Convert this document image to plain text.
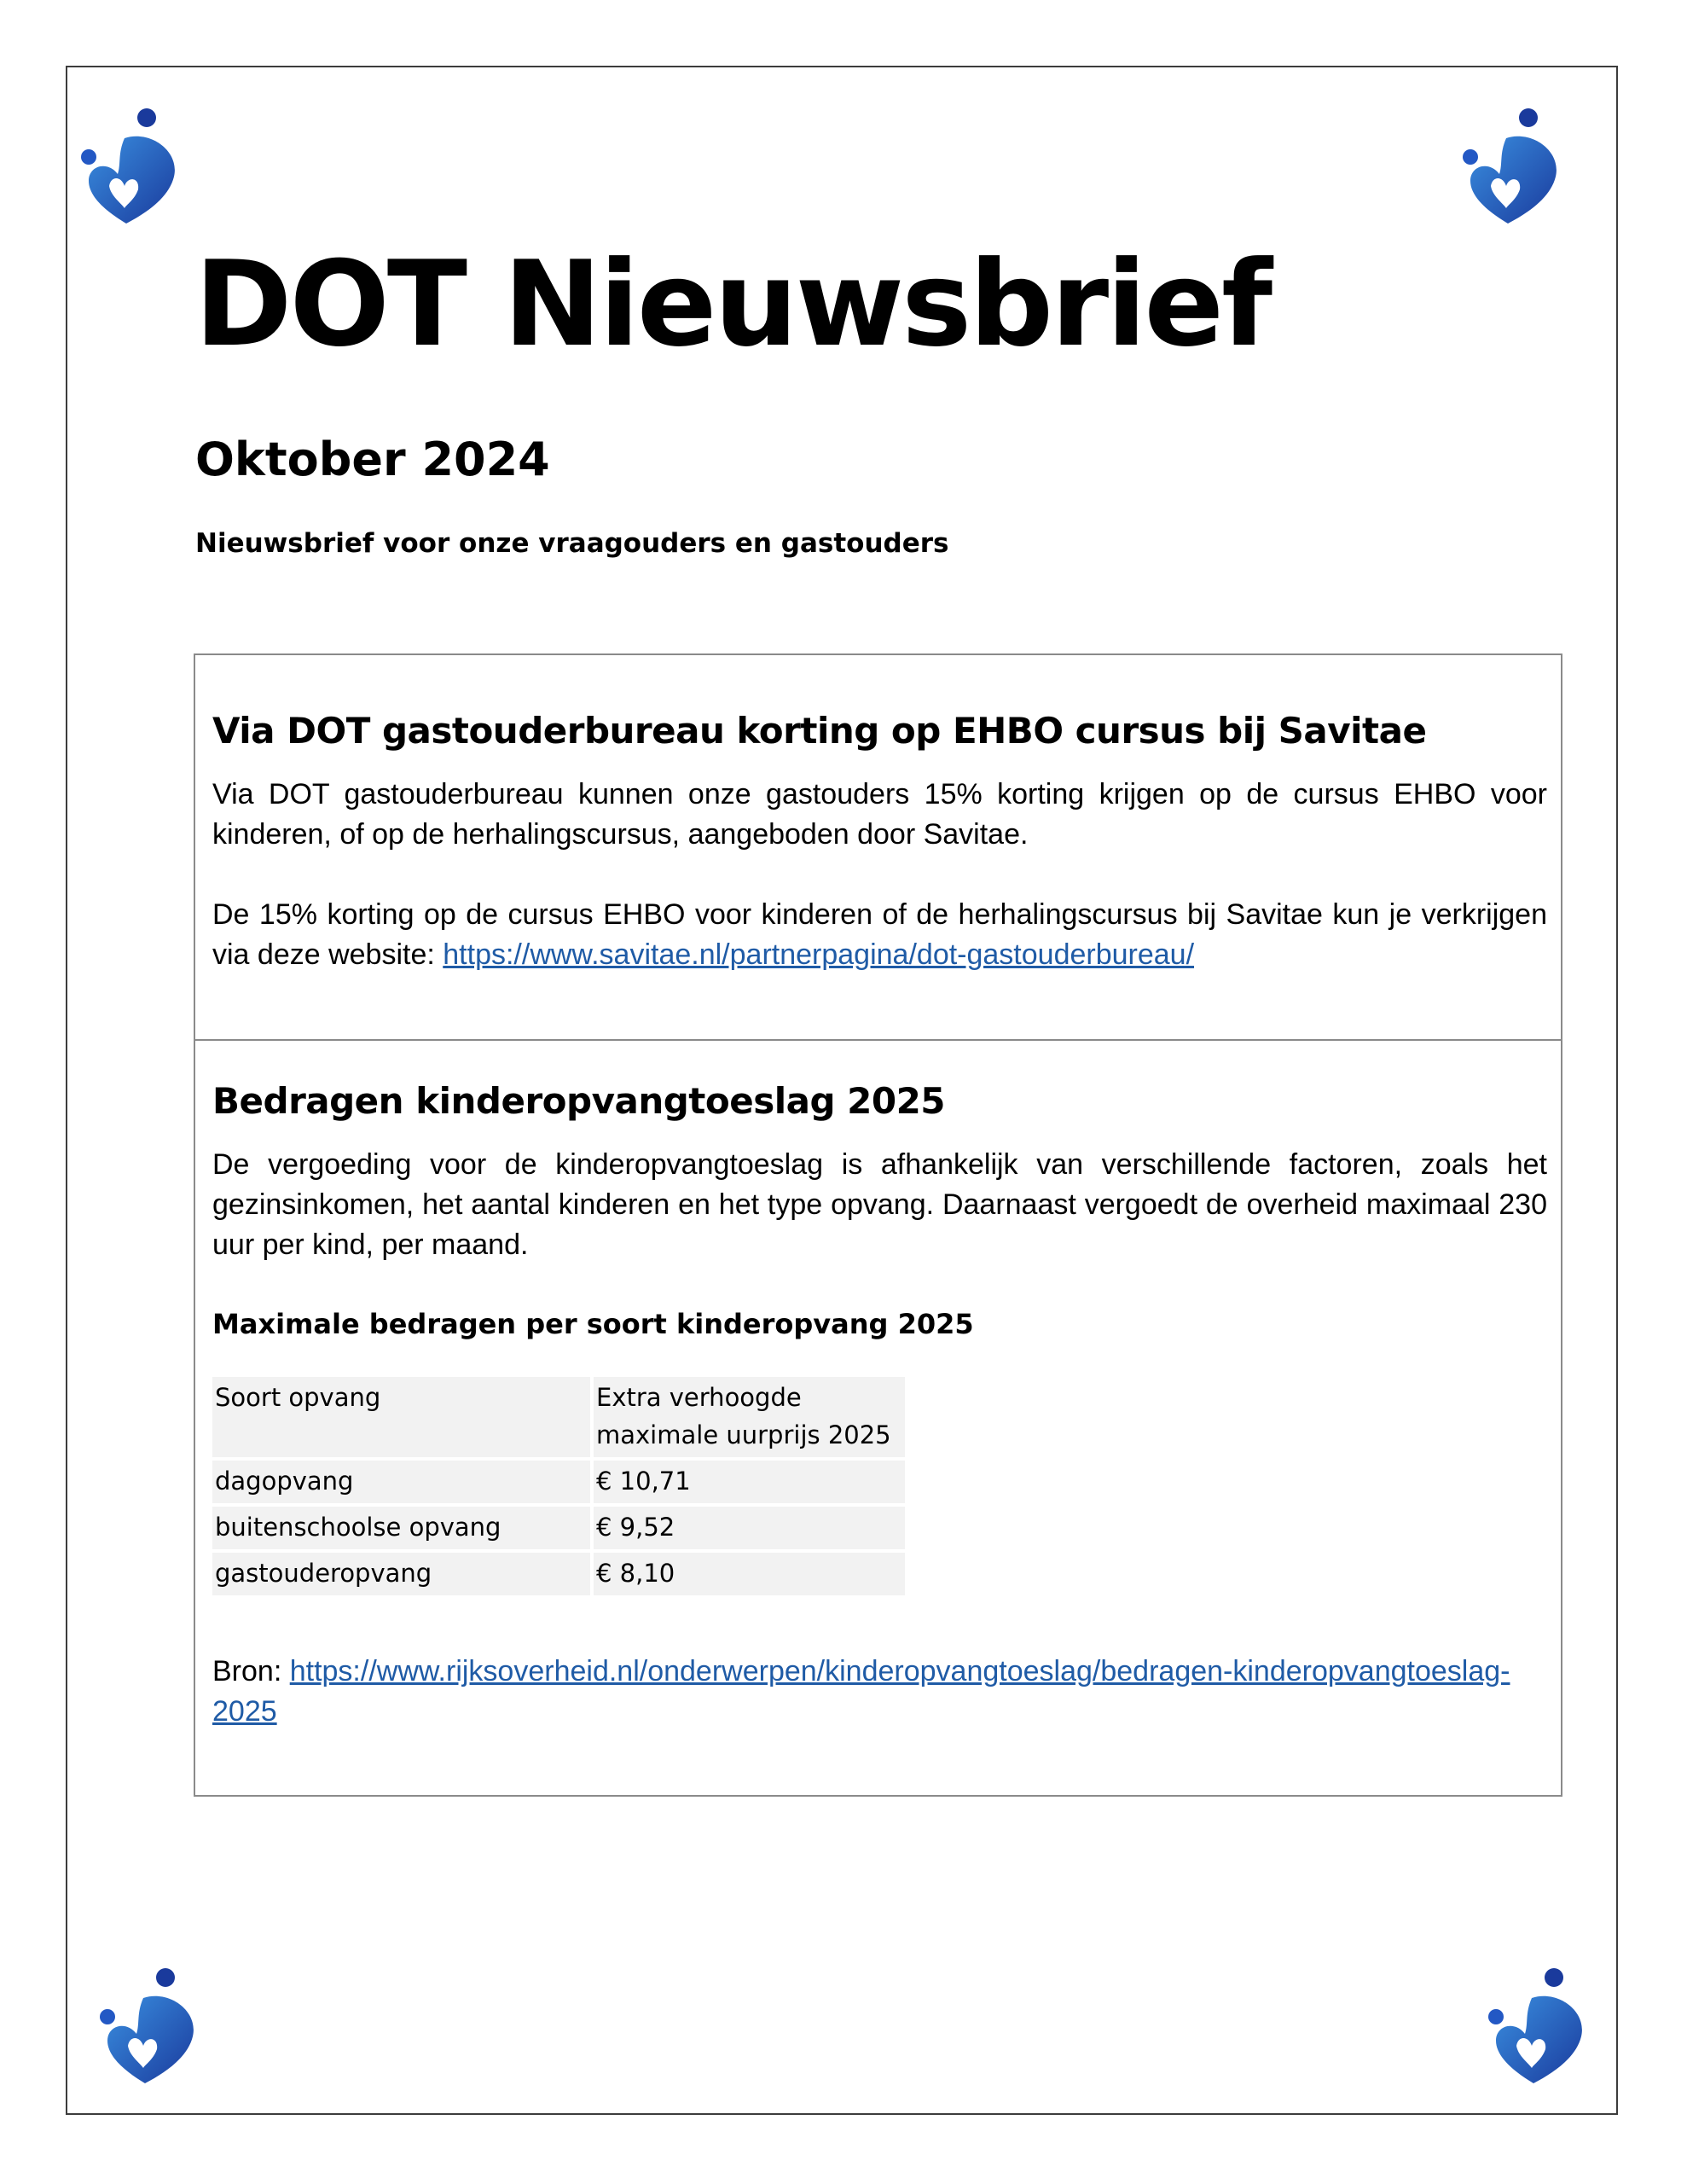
DOT Nieuwsbrief
Oktober 2024

Nieuwsbrief voor onze vraagouders en gastouders

Via DOT gastouderbureau korting op EHBO cursus bij Savitae

Via DOT gastouderbureau kunnen onze gastouders 15% korting krijgen op de cursus EHBO voor kinderen, of op de herhalingscursus, aangeboden door Savitae.

De 15% korting op de cursus EHBO voor kinderen of de herhalingscursus bij Savitae kun je verkrijgen via deze website: https://www.savitae.nl/partnerpagina/dot-gastouderbureau/

Bedragen kinderopvangtoeslag 2025

De vergoeding voor de kinderopvangtoeslag is afhankelijk van verschillende factoren, zoals het gezinsinkomen, het aantal kinderen en het type opvang. Daarnaast vergoedt de overheid maximaal 230 uur per kind, per maand.

Maximale bedragen per soort kinderopvang 2025

Soort opvang	Extra verhoogde maximale uurprijs 2025
dagopvang	€ 10,71
buitenschoolse opvang	€ 9,52
gastouderopvang	€ 8,10

Bron: https://www.rijksoverheid.nl/onderwerpen/kinderopvangtoeslag/bedragen-kinderopvangtoeslag-2025
